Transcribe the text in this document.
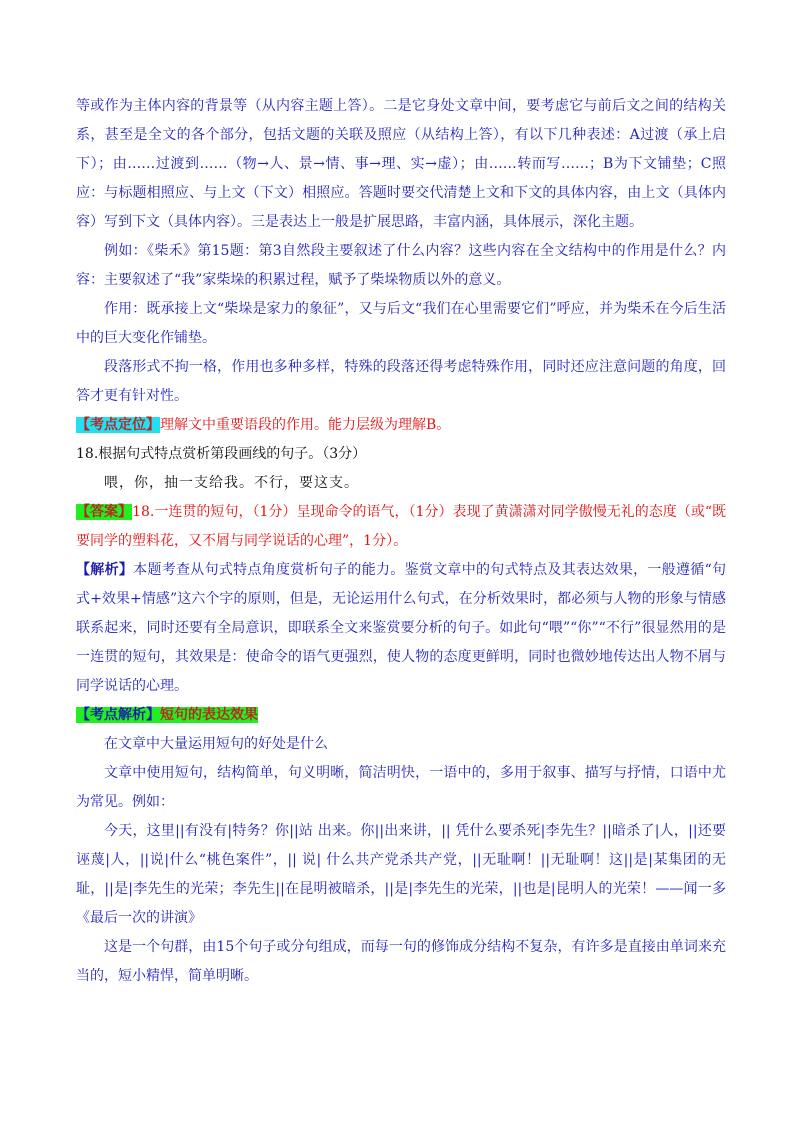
等或作为主体内容的背景等（从内容主题上答）。二是它身处文章中间，要考虑它与前后文之间的结构关系，甚至是全文的各个部分，包括文题的关联及照应（从结构上答），有以下几种表述：A过渡（承上启下）；由……过渡到……（物→人、景→情、事→理、实→虚）；由……转而写……；B为下文铺垫；C照应：与标题相照应、与上文（下文）相照应。答题时要交代清楚上文和下文的具体内容，由上文（具体内容）写到下文（具体内容）。三是表达上一般是扩展思路，丰富内涵，具体展示，深化主题。

例如：《柴禾》第15题：第3自然段主要叙述了什么内容？这些内容在全文结构中的作用是什么？内容：主要叙述了“我”家柴垛的积累过程，赋予了柴垛物质以外的意义。

作用：既承接上文“柴垛是家力的象征”，又与后文“我们在心里需要它们”呼应，并为柴禾在今后生活中的巨大变化作铺垫。

段落形式不拘一格，作用也多种多样，特殊的段落还得考虑特殊作用，同时还应注意问题的角度，回答才更有针对性。

【考点定位】理解文中重要语段的作用。能力层级为理解B。

18.根据句式特点赏析第段画线的句子。（3分）

喂，你，抽一支给我。不行，要这支。

【答案】18.一连贯的短句，（1分）呈现命令的语气，（1分）表现了黄潇潇对同学傲慢无礼的态度（或“既要同学的塑料花，又不屑与同学说话的心理”，1分）。

【解析】本题考查从句式特点角度赏析句子的能力。鉴赏文章中的句式特点及其表达效果，一般遵循“句式+效果+情感”这六个字的原则，但是，无论运用什么句式，在分析效果时，都必须与人物的形象与情感联系起来，同时还要有全局意识，即联系全文来鉴赏要分析的句子。如此句“喂”“你”“不行”很显然用的是一连贯的短句，其效果是：使命令的语气更强烈，使人物的态度更鲜明，同时也微妙地传达出人物不屑与同学说话的心理。

【考点解析】短句的表达效果

在文章中大量运用短句的好处是什么

文章中使用短句，结构简单，句义明晰，简洁明快，一语中的，多用于叙事、描写与抒情，口语中尤为常见。例如：

今天，这里||有没有|特务？你||站 出来。你||出来讲，|| 凭什么要杀死|李先生？||暗杀了|人，||还要 诬蔑|人，||说|什么“桃色案件”，|| 说| 什么共产党杀共产党，||无耻啊！||无耻啊！这||是|某集团的无耻，||是|李先生的光荣；李先生||在昆明被暗杀，||是|李先生的光荣，||也是|昆明人的光荣！——闻一多《最后一次的讲演》

这是一个句群，由15个句子或分句组成，而每一句的修饰成分结构不复杂，有许多是直接由单词来充当的，短小精悍，简单明晰。
